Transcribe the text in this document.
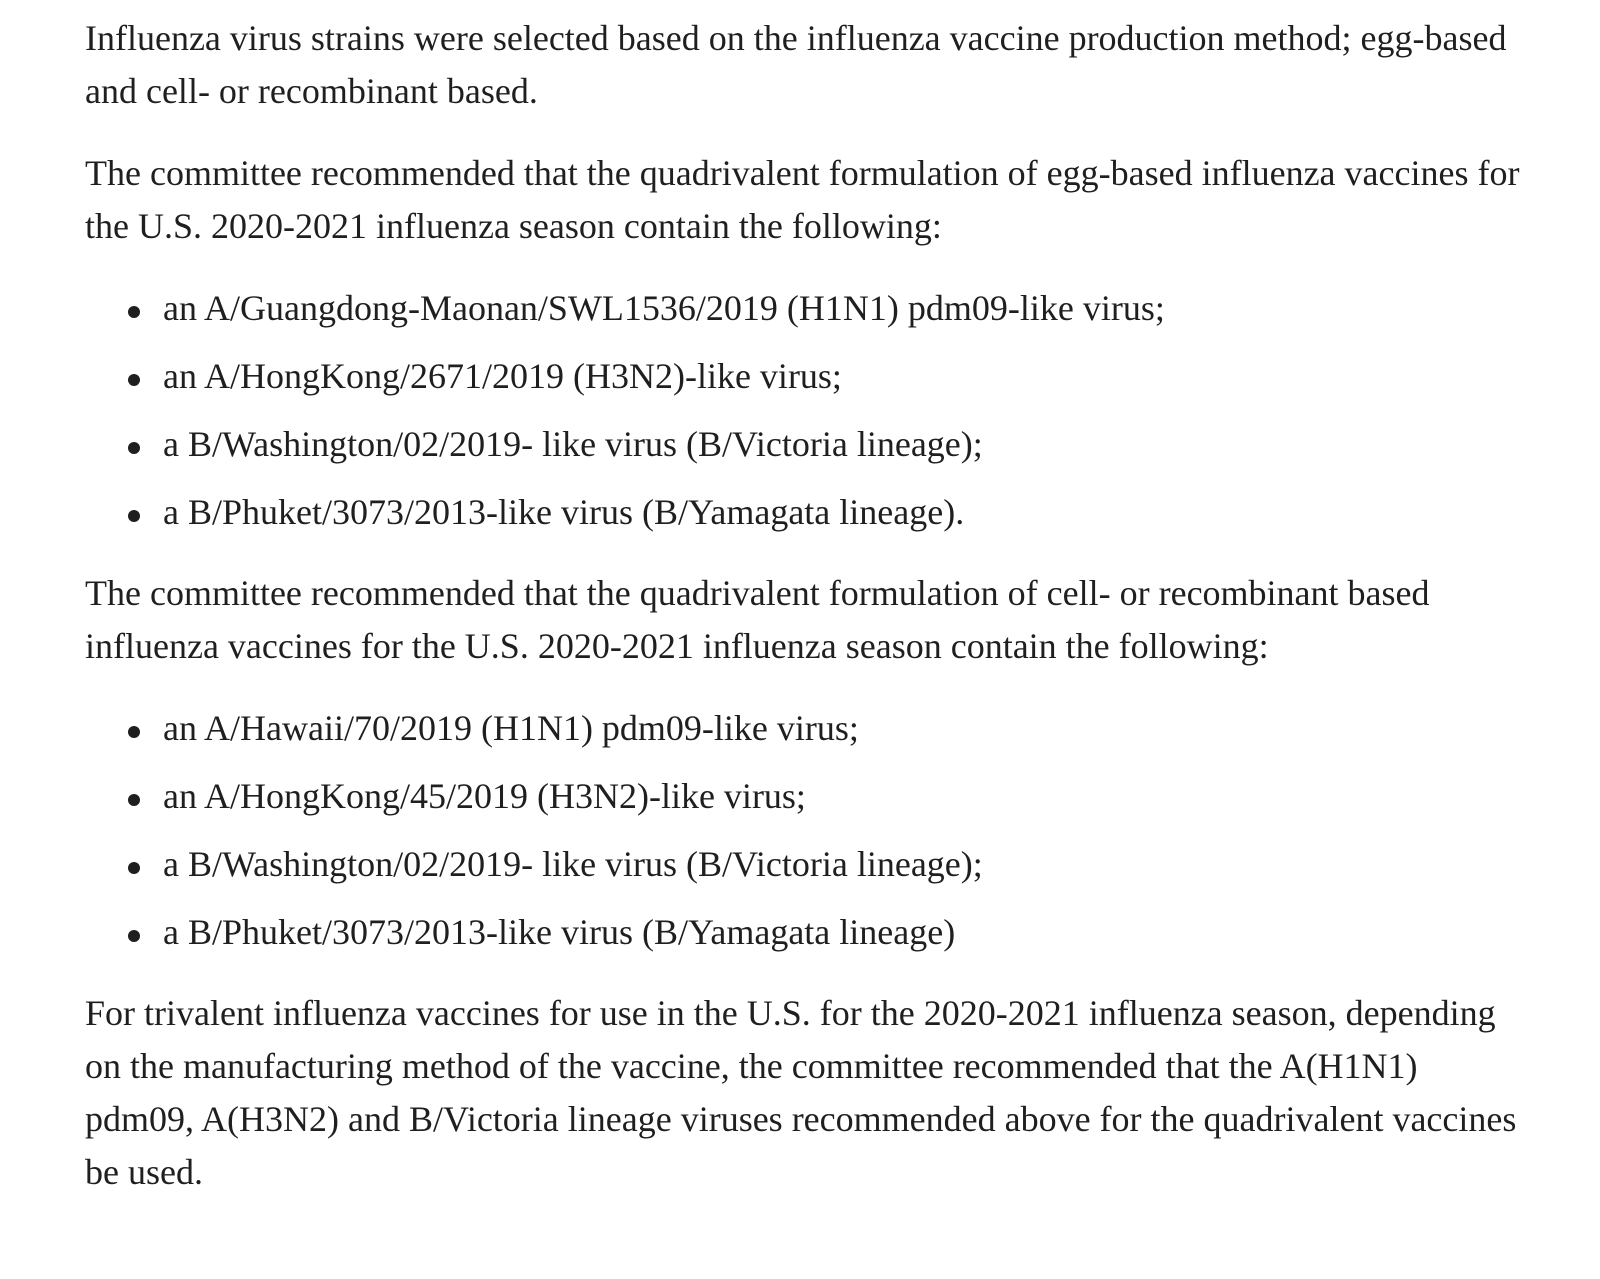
Influenza virus strains were selected based on the influenza vaccine production method; egg-based and cell- or recombinant based.

The committee recommended that the quadrivalent formulation of egg-based influenza vaccines for the U.S. 2020-2021 influenza season contain the following:

an A/Guangdong-Maonan/SWL1536/2019 (H1N1) pdm09-like virus;
an A/HongKong/2671/2019 (H3N2)-like virus;
a B/Washington/02/2019- like virus (B/Victoria lineage);
a B/Phuket/3073/2013-like virus (B/Yamagata lineage).

The committee recommended that the quadrivalent formulation of cell- or recombinant based influenza vaccines for the U.S. 2020-2021 influenza season contain the following:

an A/Hawaii/70/2019 (H1N1) pdm09-like virus;
an A/HongKong/45/2019 (H3N2)-like virus;
a B/Washington/02/2019- like virus (B/Victoria lineage);
a B/Phuket/3073/2013-like virus (B/Yamagata lineage)

For trivalent influenza vaccines for use in the U.S. for the 2020-2021 influenza season, depending on the manufacturing method of the vaccine, the committee recommended that the A(H1N1) pdm09, A(H3N2) and B/Victoria lineage viruses recommended above for the quadrivalent vaccines be used.
